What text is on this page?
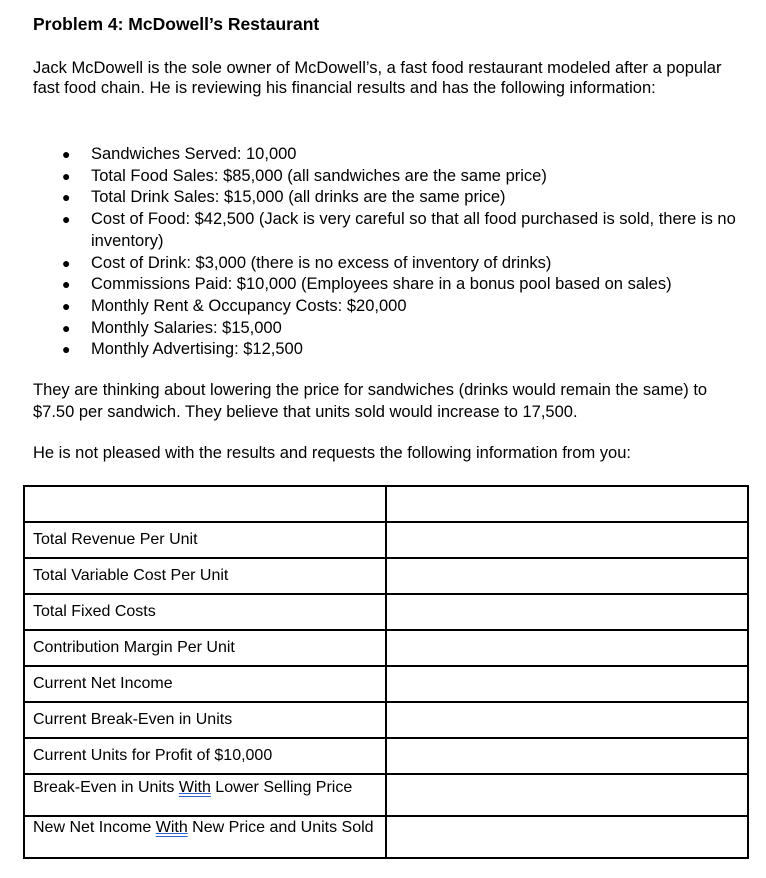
Problem 4: McDowell’s Restaurant
Jack McDowell is the sole owner of McDowell’s, a fast food restaurant modeled after a popular fast food chain. He is reviewing his financial results and has the following information:
● Sandwiches Served: 10,000
● Total Food Sales: $85,000 (all sandwiches are the same price)
● Total Drink Sales: $15,000 (all drinks are the same price)
● Cost of Food: $42,500 (Jack is very careful so that all food purchased is sold, there is no inventory)
● Cost of Drink: $3,000 (there is no excess of inventory of drinks)
● Commissions Paid: $10,000 (Employees share in a bonus pool based on sales)
● Monthly Rent & Occupancy Costs: $20,000
● Monthly Salaries: $15,000
● Monthly Advertising: $12,500
They are thinking about lowering the price for sandwiches (drinks would remain the same) to $7.50 per sandwich. They believe that units sold would increase to 17,500.
He is not pleased with the results and requests the following information from you:

Total Revenue Per Unit	
Total Variable Cost Per Unit	
Total Fixed Costs	
Contribution Margin Per Unit	
Current Net Income	
Current Break-Even in Units	
Current Units for Profit of $10,000	
Break-Even in Units With Lower Selling Price	
New Net Income With New Price and Units Sold	
